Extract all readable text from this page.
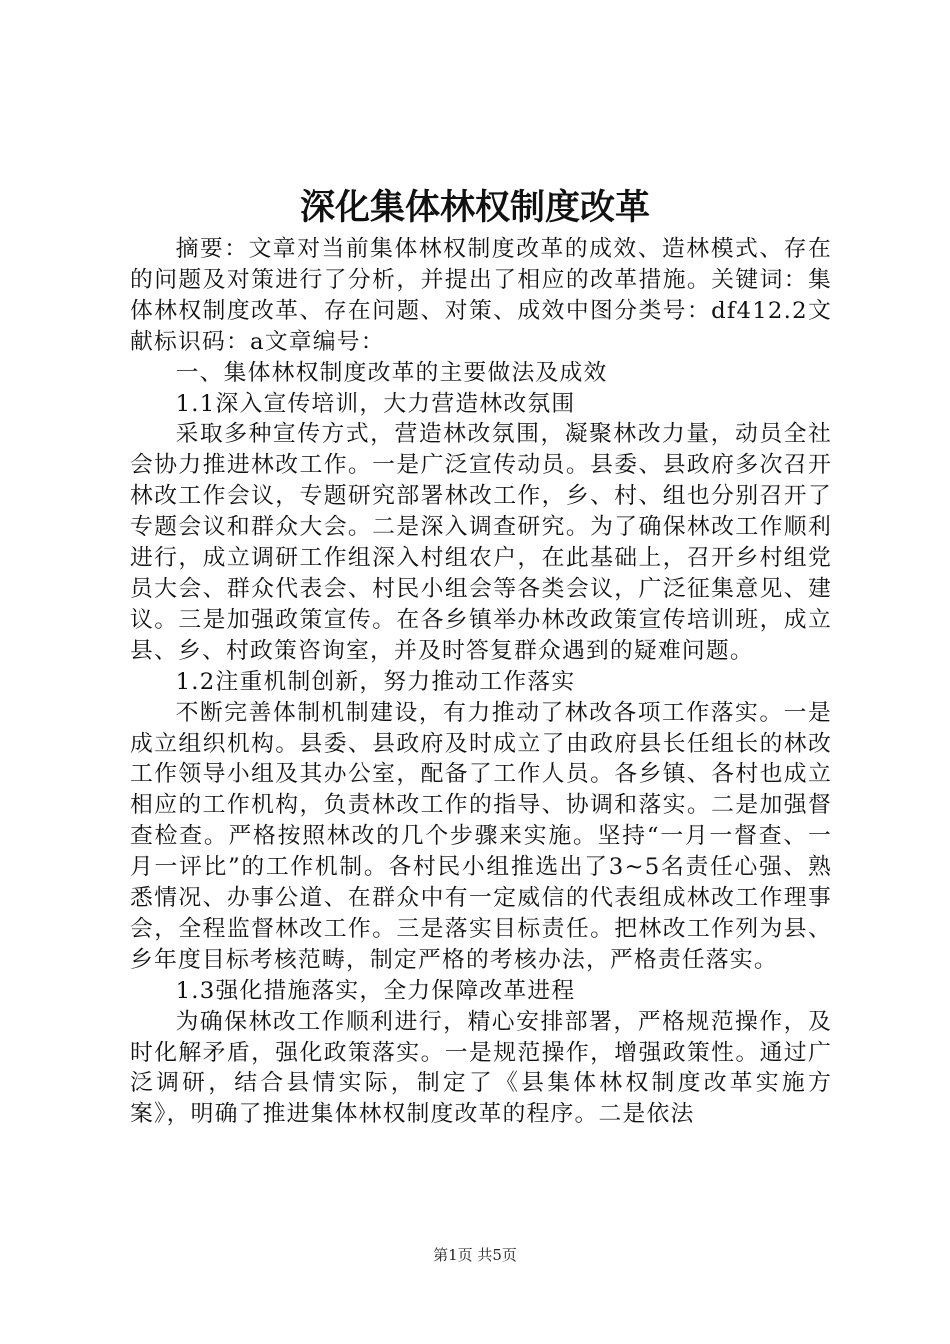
深化集体林权制度改革

摘要：文章对当前集体林权制度改革的成效、造林模式、存在的问题及对策进行了分析，并提出了相应的改革措施。关键词：集体林权制度改革、存在问题、对策、成效中图分类号：df412.2文献标识码：a文章编号：

一、集体林权制度改革的主要做法及成效

1.1深入宣传培训，大力营造林改氛围

采取多种宣传方式，营造林改氛围，凝聚林改力量，动员全社会协力推进林改工作。一是广泛宣传动员。县委、县政府多次召开林改工作会议，专题研究部署林改工作，乡、村、组也分别召开了专题会议和群众大会。二是深入调查研究。为了确保林改工作顺利进行，成立调研工作组深入村组农户，在此基础上，召开乡村组党员大会、群众代表会、村民小组会等各类会议，广泛征集意见、建议。三是加强政策宣传。在各乡镇举办林改政策宣传培训班，成立县、乡、村政策咨询室，并及时答复群众遇到的疑难问题。

1.2注重机制创新，努力推动工作落实

不断完善体制机制建设，有力推动了林改各项工作落实。一是成立组织机构。县委、县政府及时成立了由政府县长任组长的林改工作领导小组及其办公室，配备了工作人员。各乡镇、各村也成立相应的工作机构，负责林改工作的指导、协调和落实。二是加强督查检查。严格按照林改的几个步骤来实施。坚持“一月一督查、一月一评比”的工作机制。各村民小组推选出了3~5名责任心强、熟悉情况、办事公道、在群众中有一定威信的代表组成林改工作理事会，全程监督林改工作。三是落实目标责任。把林改工作列为县、乡年度目标考核范畴，制定严格的考核办法，严格责任落实。

1.3强化措施落实，全力保障改革进程

为确保林改工作顺利进行，精心安排部署，严格规范操作，及时化解矛盾，强化政策落实。一是规范操作，增强政策性。通过广泛调研，结合县情实际，制定了《县集体林权制度改革实施方案》，明确了推进集体林权制度改革的程序。二是依法

第1页 共5页
